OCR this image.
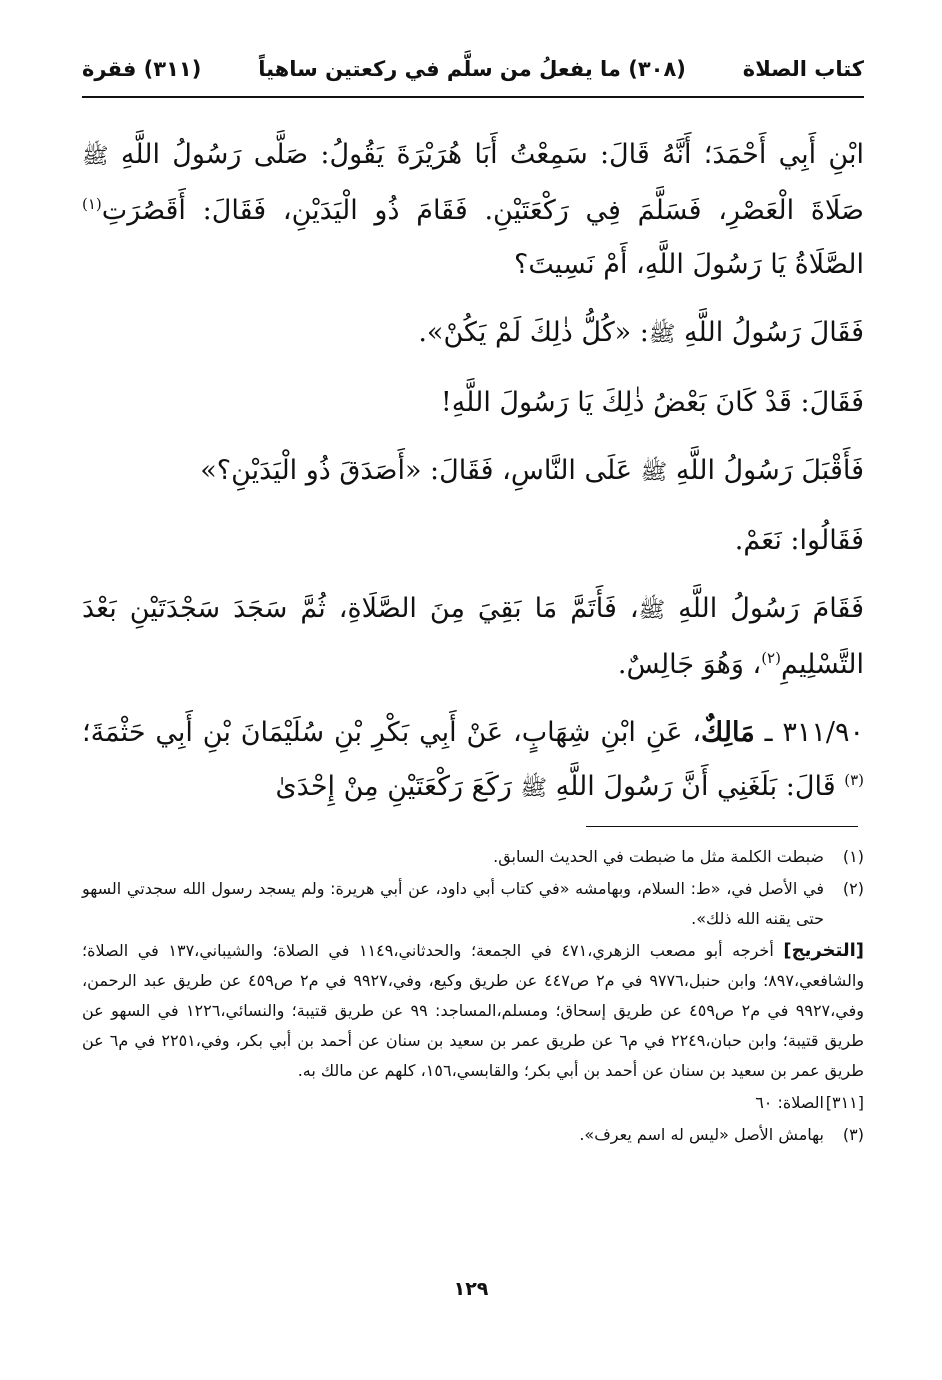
كتاب الصلاة
(٣٠٨) ما يفعلُ من سلَّم في ركعتين ساهياً
(٣١١) فقرة

ابْنِ أَبِي أَحْمَدَ؛ أَنَّهُ قَالَ: سَمِعْتُ أَبَا هُرَيْرَةَ يَقُولُ: صَلَّى رَسُولُ اللَّهِ ﷺ صَلَاةَ الْعَصْرِ، فَسَلَّمَ فِي رَكْعَتَيْنِ. فَقَامَ ذُو الْيَدَيْنِ، فَقَالَ: أَقَصُرَتِ$^{(١)}$ الصَّلَاةُ يَا رَسُولَ اللَّهِ، أَمْ نَسِيتَ؟

فَقَالَ رَسُولُ اللَّهِ ﷺ: «كُلُّ ذٰلِكَ لَمْ يَكُنْ».

فَقَالَ: قَدْ كَانَ بَعْضُ ذٰلِكَ يَا رَسُولَ اللَّهِ!

فَأَقْبَلَ رَسُولُ اللَّهِ ﷺ عَلَى النَّاسِ، فَقَالَ: «أَصَدَقَ ذُو الْيَدَيْنِ؟»

فَقَالُوا: نَعَمْ.

فَقَامَ رَسُولُ اللَّهِ ﷺ، فَأَتَمَّ مَا بَقِيَ مِنَ الصَّلَاةِ، ثُمَّ سَجَدَ سَجْدَتَيْنِ بَعْدَ التَّسْلِيمِ$^{(٢)}$، وَهُوَ جَالِسٌ.

٣١١/٩٠ ـ مَالِكٌ، عَنِ ابْنِ شِهَابٍ، عَنْ أَبِي بَكْرِ بْنِ سُلَيْمَانَ بْنِ أَبِي حَثْمَةَ؛$^{(٣)}$ قَالَ: بَلَغَنِي أَنَّ رَسُولَ اللَّهِ ﷺ رَكَعَ رَكْعَتَيْنِ مِنْ إِحْدَىٰ

(١)
ضبطت الكلمة مثل ما ضبطت في الحديث السابق.
(٢)
في الأصل في، «ط: السلام، وبهامشه «في كتاب أبي داود، عن أبي هريرة: ولم يسجد رسول الله سجدتي السهو حتى يقنه الله ذلك».
[التخريج] أخرجه أبو مصعب الزهري،٤٧١ في الجمعة؛ والحدثاني،١١٤٩ في الصلاة؛ والشيباني،١٣٧ في الصلاة؛ والشافعي،٨٩٧؛ وابن حنبل،٩٧٧٦ في م٢ ص٤٤٧ عن طريق وكيع، وفي،٩٩٢٧ في م٢ ص٤٥٩ عن طريق عبد الرحمن، وفي،٩٩٢٧ في م٢ ص٤٥٩ عن طريق إسحاق؛ ومسلم،المساجد: ٩٩ عن طريق قتيبة؛ والنسائي،١٢٢٦ في السهو عن طريق قتيبة؛ وابن حبان،٢٢٤٩ في م٦ عن طريق عمر بن سعيد بن سنان عن أحمد بن أبي بكر، وفي،٢٢٥١ في م٦ عن طريق عمر بن سعيد بن سنان عن أحمد بن أبي بكر؛ والقابسي،١٥٦، كلهم عن مالك به.
[٣١١]
الصلاة: ٦٠
(٣)
بهامش الأصل «ليس له اسم يعرف».
١٢٩
